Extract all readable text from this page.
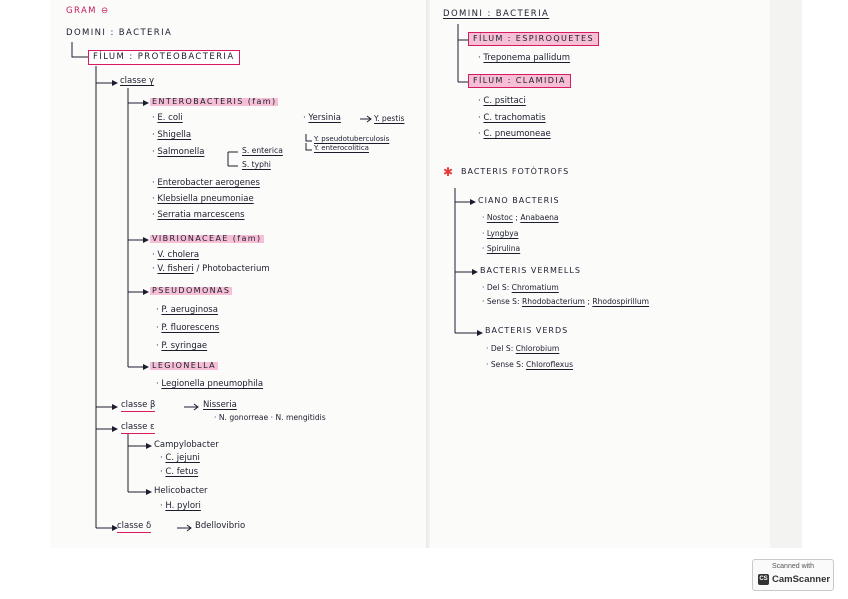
GRAM ⊖
DOMINI : BACTERIA
FÍLUM : PROTEOBACTERIA
classe γ
ENTEROBACTERIS (fam)
· E. coli
· Shigella
· Salmonella	S. enterica
S. typhi
· Yersinia	Y. pestis
Y. pseudotuberculosis
Y. enterocolitica
· Enterobacter aerogenes
· Klebsiella pneumoniae
· Serratia marcescens
VIBRIONACEAE (fam)
· V. cholera
· V. fisheri / Photobacterium
PSEUDOMONAS
· P. aeruginosa
· P. fluorescens
· P. syringae
LEGIONELLA
· Legionella pneumophila
classe β	Nisseria
· N. gonorreae · N. mengitidis
classe ε
Campylobacter
· C. jejuni
· C. fetus
Helicobacter
· H. pylori
classe δ	Bdellovibrio
DOMINI : BACTERIA
FÍLUM : ESPIROQUETES
· Treponema pallidum
FÍLUM : CLAMIDIA
· C. psittaci
· C. trachomatis
· C. pneumoneae
✱ BACTERIS FOTÒTROFS
CIANO BACTERIS
· Nostoc ; Anabaena
· Lyngbya
· Spirulina
BACTERIS VERMELLS
· Del S: Chromatium
· Sense S: Rhodobacterium ; Rhodospirillum
BACTERIS VERDS
· Del S: Chlorobium
· Sense S: Chloroflexus
Scanned with
CS CamScanner
